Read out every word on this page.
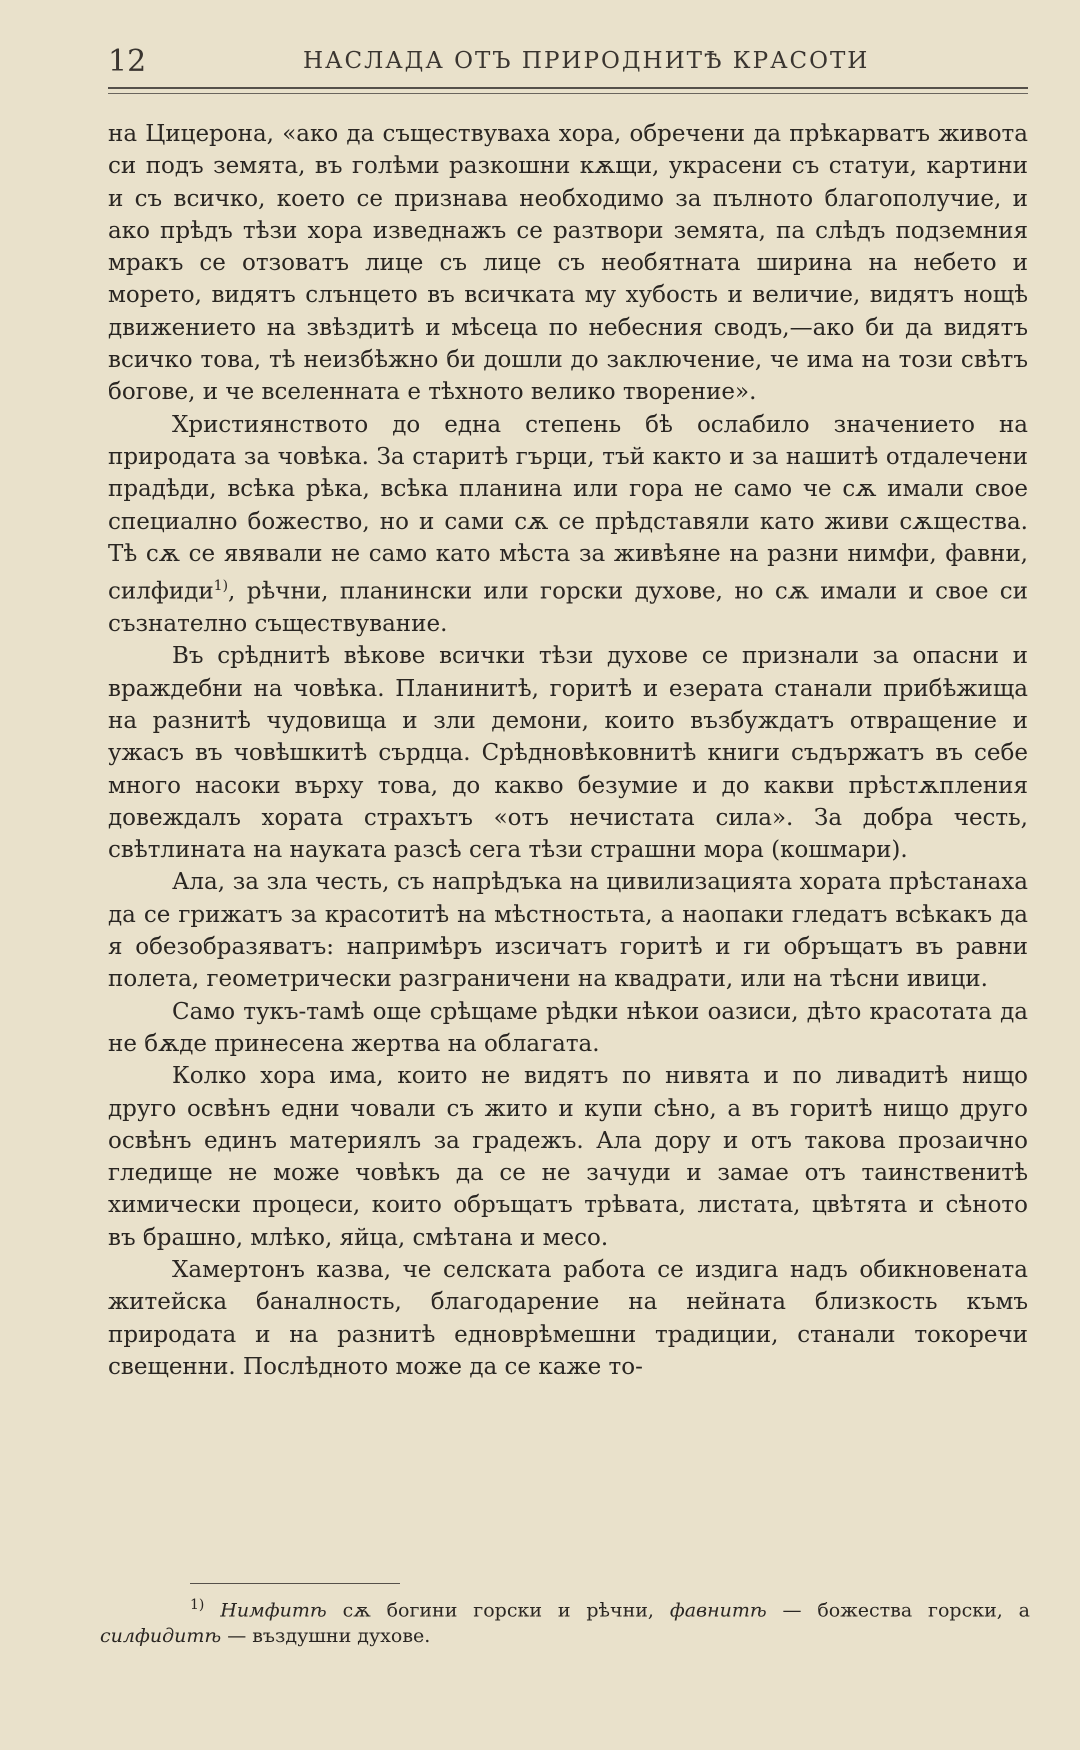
12	НАСЛАДА ОТЪ ПРИРОДНИТѢ КРАСОТИ

на Цицерона, «ако да съществуваха хора, обречени да прѣкарватъ живота си подъ земята, въ голѣми разкошни кѫщи, украсени съ статуи, картини и съ всичко, което се признава необходимо за пълното благополучие, и ако прѣдъ тѣзи хора изведнажъ се разтвори земята, па слѣдъ подземния мракъ се отзоватъ лице съ лице съ необятната ширина на небето и морето, видятъ слънцето въ всичката му хубость и величие, видятъ нощѣ движението на звѣздитѣ и мѣсеца по небесния сводъ,—ако би да видятъ всичко това, тѣ неизбѣжно би дошли до заключение, че има на този свѣтъ богове, и че вселенната е тѣхното велико творение».

Християнството до една степень бѣ ослабило значението на природата за човѣка. За старитѣ гърци, тъй както и за нашитѣ отдалечени прадѣди, всѣка рѣка, всѣка планина или гора не само че сѫ имали свое специално божество, но и сами сѫ се прѣдставяли като живи сѫщества. Тѣ сѫ се явявали не само като мѣста за живѣяне на разни нимфи, фавни, силфиди$^{1)}$, рѣчни, планински или горски духове, но сѫ имали и свое си съзнателно съществувание.

Въ срѣднитѣ вѣкове всички тѣзи духове се признали за опасни и враждебни на човѣка. Планинитѣ, горитѣ и езерата станали прибѣжища на разнитѣ чудовища и зли демони, които възбуждатъ отвращение и ужасъ въ човѣшкитѣ сърдца. Срѣдновѣковнитѣ книги съдържатъ въ себе много насоки върху това, до какво безумие и до какви прѣстѫпления довеждалъ хората страхътъ «отъ нечистата сила». За добра честь, свѣтлината на науката разсѣ сега тѣзи страшни мора (кошмари).

Ала, за зла честь, съ напрѣдъка на цивилизацията хората прѣстанаха да се грижатъ за красотитѣ на мѣстностьта, а наопаки гледатъ всѣкакъ да я обезобразяватъ: напримѣръ изсичатъ горитѣ и ги обръщатъ въ равни полета, геометрически разграничени на квадрати, или на тѣсни ивици.

Само тукъ-тамѣ още срѣщаме рѣдки нѣкои оазиси, дѣто красотата да не бѫде принесена жертва на облагата.

Колко хора има, които не видятъ по нивята и по ливадитѣ нищо друго освѣнъ едни човали съ жито и купи сѣно, а въ горитѣ нищо друго освѣнъ единъ материялъ за градежъ. Ала дору и отъ такова прозаично гледище не може човѣкъ да се не зачуди и замае отъ таинственитѣ химически процеси, които обръщатъ трѣвата, листата, цвѣтята и сѣното въ брашно, млѣко, яйца, смѣтана и месо.

Хамертонъ казва, че селската работа се издига надъ обикновената житейска баналность, благодарение на нейната близкость къмъ природата и на разнитѣ едноврѣмешни традиции, станали токоречи свещенни. Послѣдното може да се каже то-

$^{1)}$ Нимфитѣ сѫ богини горски и рѣчни, фавнитѣ — божества горски, а силфидитѣ — въздушни духове.
